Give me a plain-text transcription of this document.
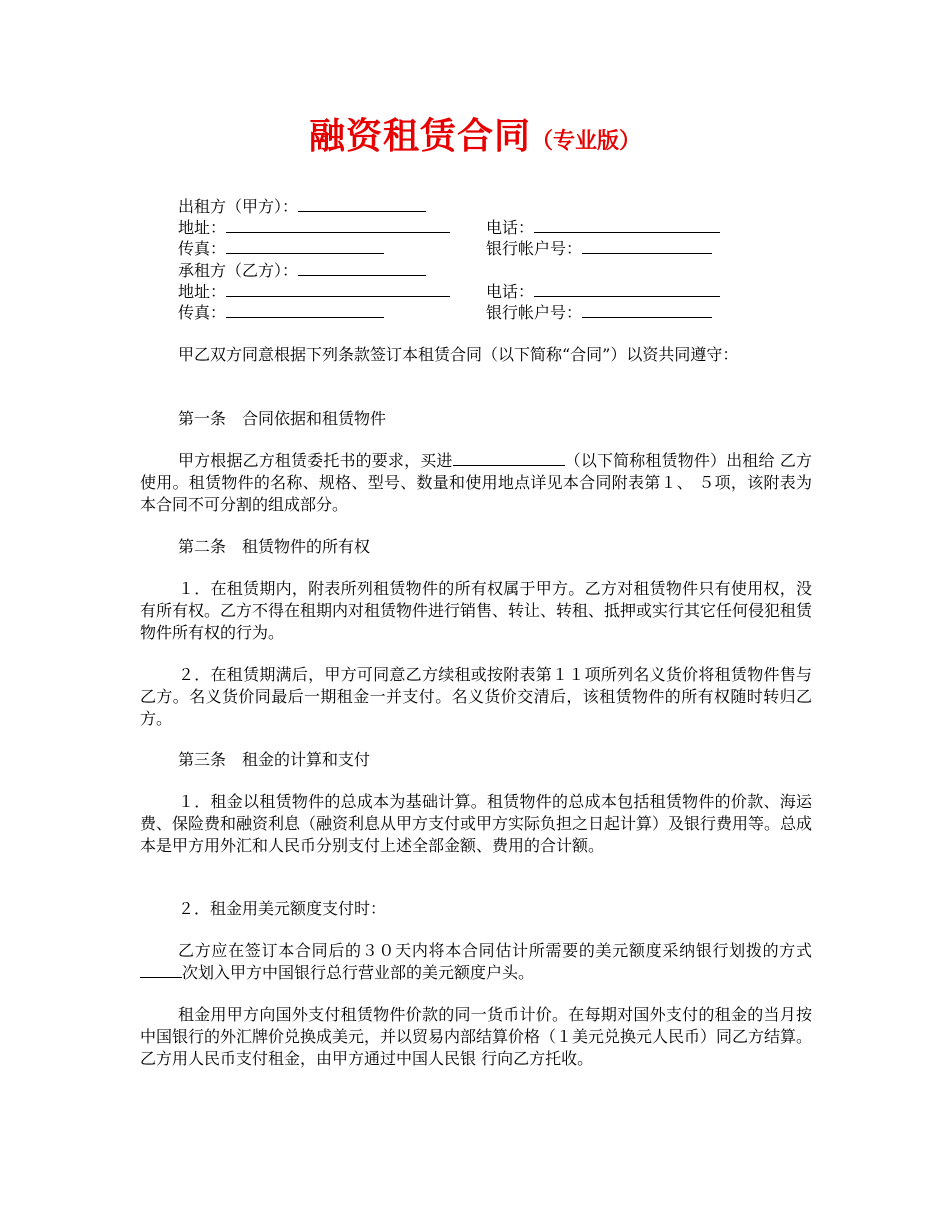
融资租赁合同（专业版）
出租方（甲方）：
地址：	电话：
传真：	银行帐户号：
承租方（乙方）：
地址：	电话：
传真：	银行帐户号：
甲乙双方同意根据下列条款签订本租赁合同（以下简称“合同”）以资共同遵守：
第一条　合同依据和租赁物件
甲方根据乙方租赁委托书的要求，买进	（以下简称租赁物件）出租给 乙方使用。租赁物件的名称、规格、型号、数量和使用地点详见本合同附表第１、 ５项，该附表为本合同不可分割的组成部分。
第二条　租赁物件的所有权
１．在租赁期内，附表所列租赁物件的所有权属于甲方。乙方对租赁物件只有使用权，没有所有权。乙方不得在租期内对租赁物件进行销售、转让、转租、抵押或实行其它任何侵犯租赁物件所有权的行为。
２．在租赁期满后，甲方可同意乙方续租或按附表第１１项所列名义货价将租赁物件售与乙方。名义货价同最后一期租金一并支付。名义货价交清后，该租赁物件的所有权随时转归乙方。
第三条　租金的计算和支付
１．租金以租赁物件的总成本为基础计算。租赁物件的总成本包括租赁物件的价款、海运费、保险费和融资利息（融资利息从甲方支付或甲方实际负担之日起计算）及银行费用等。总成本是甲方用外汇和人民币分别支付上述全部金额、费用的合计额。
２．租金用美元额度支付时：
乙方应在签订本合同后的３０天内将本合同估计所需要的美元额度采纳银行划拨的方式次划入甲方中国银行总行营业部的美元额度户头。
租金用甲方向国外支付租赁物件价款的同一货币计价。在每期对国外支付的租金的当月按中国银行的外汇牌价兑换成美元，并以贸易内部结算价格（１美元兑换元人民币）同乙方结算。乙方用人民币支付租金，由甲方通过中国人民银 行向乙方托收。
